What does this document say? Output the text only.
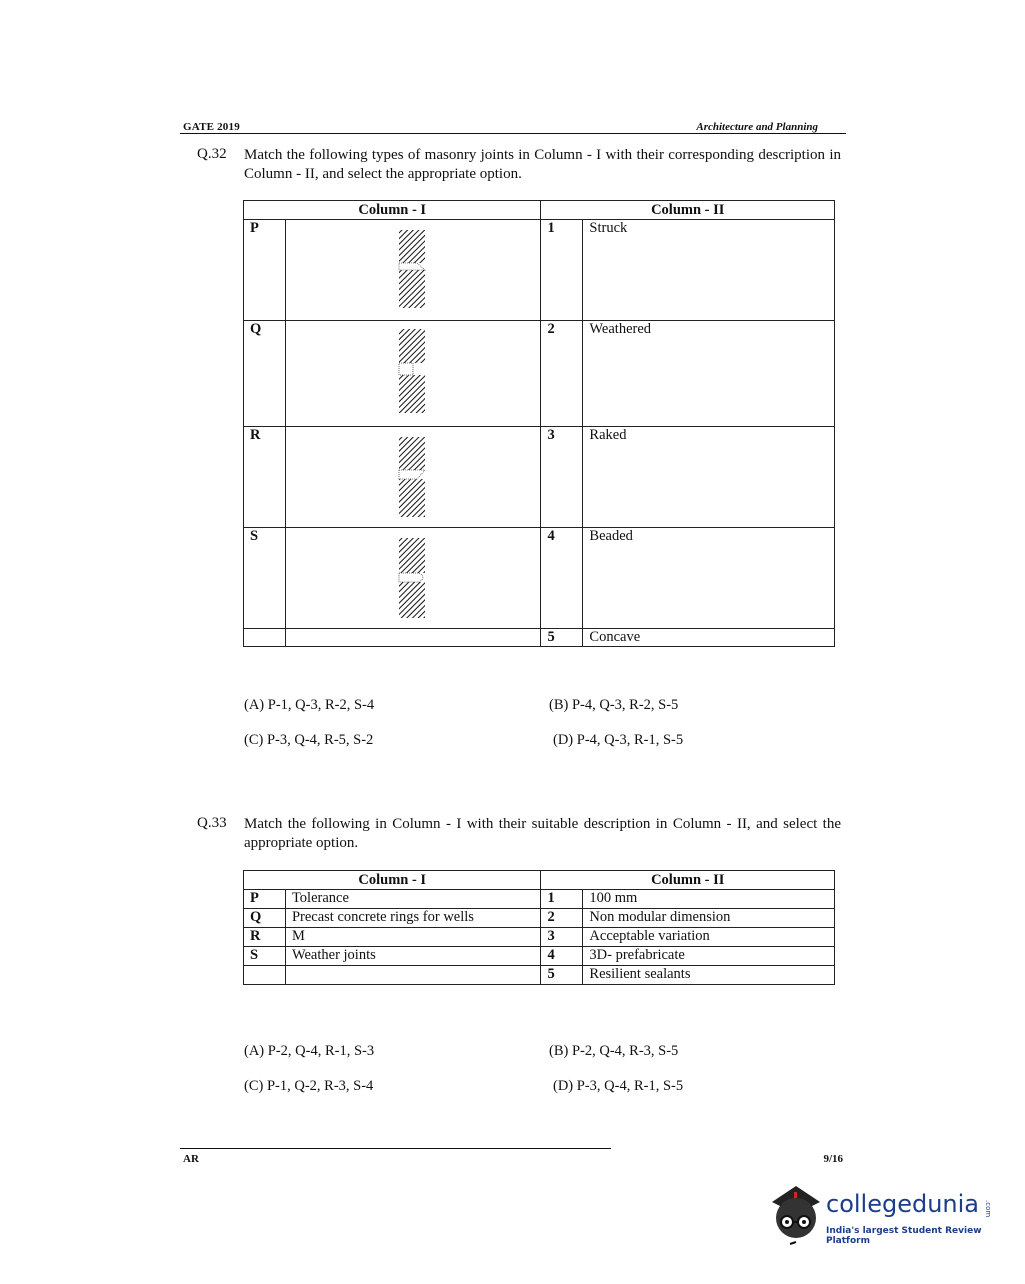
GATE 2019	Architecture and Planning
Q.32 Match the following types of masonry joints in Column - I with their corresponding description in Column - II, and select the appropriate option.
Column - I		Column - II	
P		1	Struck
Q		2	Weathered
R		3	Raked
S		4	Beaded
		5	Concave
(A) P-1, Q-3, R-2, S-4	(B) P-4, Q-3, R-2, S-5
(C) P-3, Q-4, R-5, S-2	(D) P-4, Q-3, R-1, S-5
Q.33 Match the following in Column - I with their suitable description in Column - II, and select the appropriate option.
Column - I		Column - II	
P	Tolerance	1	100 mm
Q	Precast concrete rings for wells	2	Non modular dimension
R	M	3	Acceptable variation
S	Weather joints	4	3D- prefabricate
		5	Resilient sealants
(A) P-2, Q-4, R-1, S-3	(B) P-2, Q-4, R-3, S-5
(C) P-1, Q-2, R-3, S-4	(D) P-3, Q-4, R-1, S-5
AR	9/16
collegedunia .com
India's largest Student Review Platform
